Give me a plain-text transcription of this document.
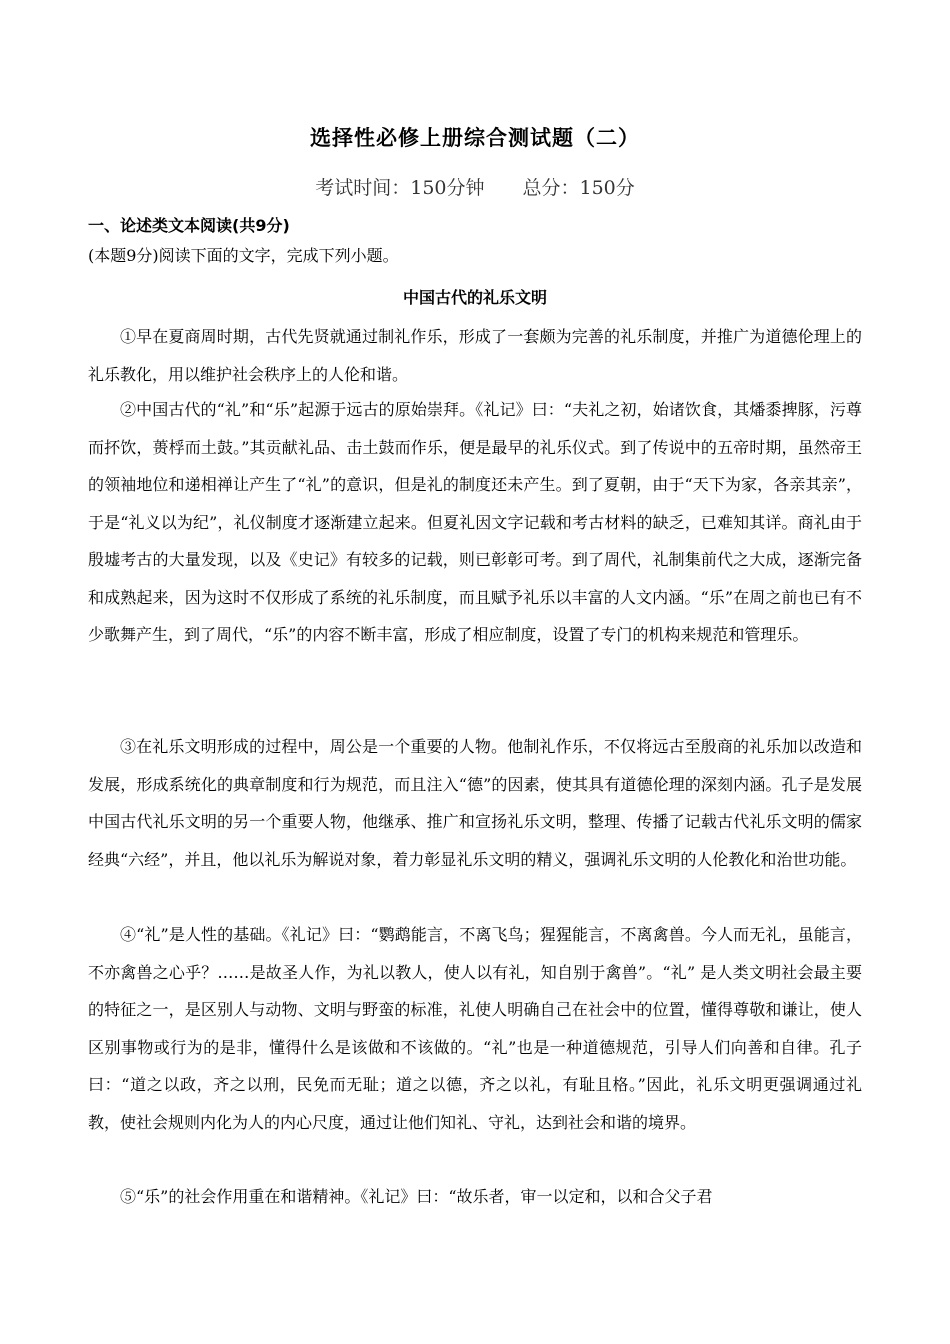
选择性必修上册综合测试题（二）
考试时间：150分钟 总分：150分
一、论述类文本阅读(共9分)
(本题9分)阅读下面的文字，完成下列小题。
中国古代的礼乐文明

①早在夏商周时期，古代先贤就通过制礼作乐，形成了一套颇为完善的礼乐制度，并推广为道德伦理上的礼乐教化，用以维护社会秩序上的人伦和谐。

②中国古代的“礼”和“乐”起源于远古的原始崇拜。《礼记》曰：“夫礼之初，始诸饮食，其燔黍捭豚，污尊而抔饮，蒉桴而土鼓。”其贡献礼品、击土鼓而作乐，便是最早的礼乐仪式。到了传说中的五帝时期，虽然帝王的领袖地位和递相禅让产生了“礼”的意识，但是礼的制度还未产生。到了夏朝，由于“天下为家，各亲其亲”，于是“礼义以为纪”，礼仪制度才逐渐建立起来。但夏礼因文字记载和考古材料的缺乏，已难知其详。商礼由于殷墟考古的大量发现，以及《史记》有较多的记载，则已彰彰可考。到了周代，礼制集前代之大成，逐渐完备和成熟起来，因为这时不仅形成了系统的礼乐制度，而且赋予礼乐以丰富的人文内涵。“乐”在周之前也已有不少歌舞产生，到了周代，“乐”的内容不断丰富，形成了相应制度，设置了专门的机构来规范和管理乐。

③在礼乐文明形成的过程中，周公是一个重要的人物。他制礼作乐，不仅将远古至殷商的礼乐加以改造和发展，形成系统化的典章制度和行为规范，而且注入“德”的因素，使其具有道德伦理的深刻内涵。孔子是发展中国古代礼乐文明的另一个重要人物，他继承、推广和宣扬礼乐文明，整理、传播了记载古代礼乐文明的儒家经典“六经”，并且，他以礼乐为解说对象，着力彰显礼乐文明的精义，强调礼乐文明的人伦教化和治世功能。

④“礼”是人性的基础。《礼记》曰：“鹦鹉能言，不离飞鸟；猩猩能言，不离禽兽。今人而无礼，虽能言，不亦禽兽之心乎？……是故圣人作，为礼以教人，使人以有礼，知自别于禽兽”。“礼” 是人类文明社会最主要的特征之一，是区别人与动物、文明与野蛮的标准，礼使人明确自己在社会中的位置，懂得尊敬和谦让，使人区别事物或行为的是非，懂得什么是该做和不该做的。“礼”也是一种道德规范，引导人们向善和自律。孔子曰：“道之以政，齐之以刑，民免而无耻；道之以德，齐之以礼，有耻且格。”因此，礼乐文明更强调通过礼教，使社会规则内化为人的内心尺度，通过让他们知礼、守礼，达到社会和谐的境界。

⑤“乐”的社会作用重在和谐精神。《礼记》曰：“故乐者，审一以定和，以和合父子君
